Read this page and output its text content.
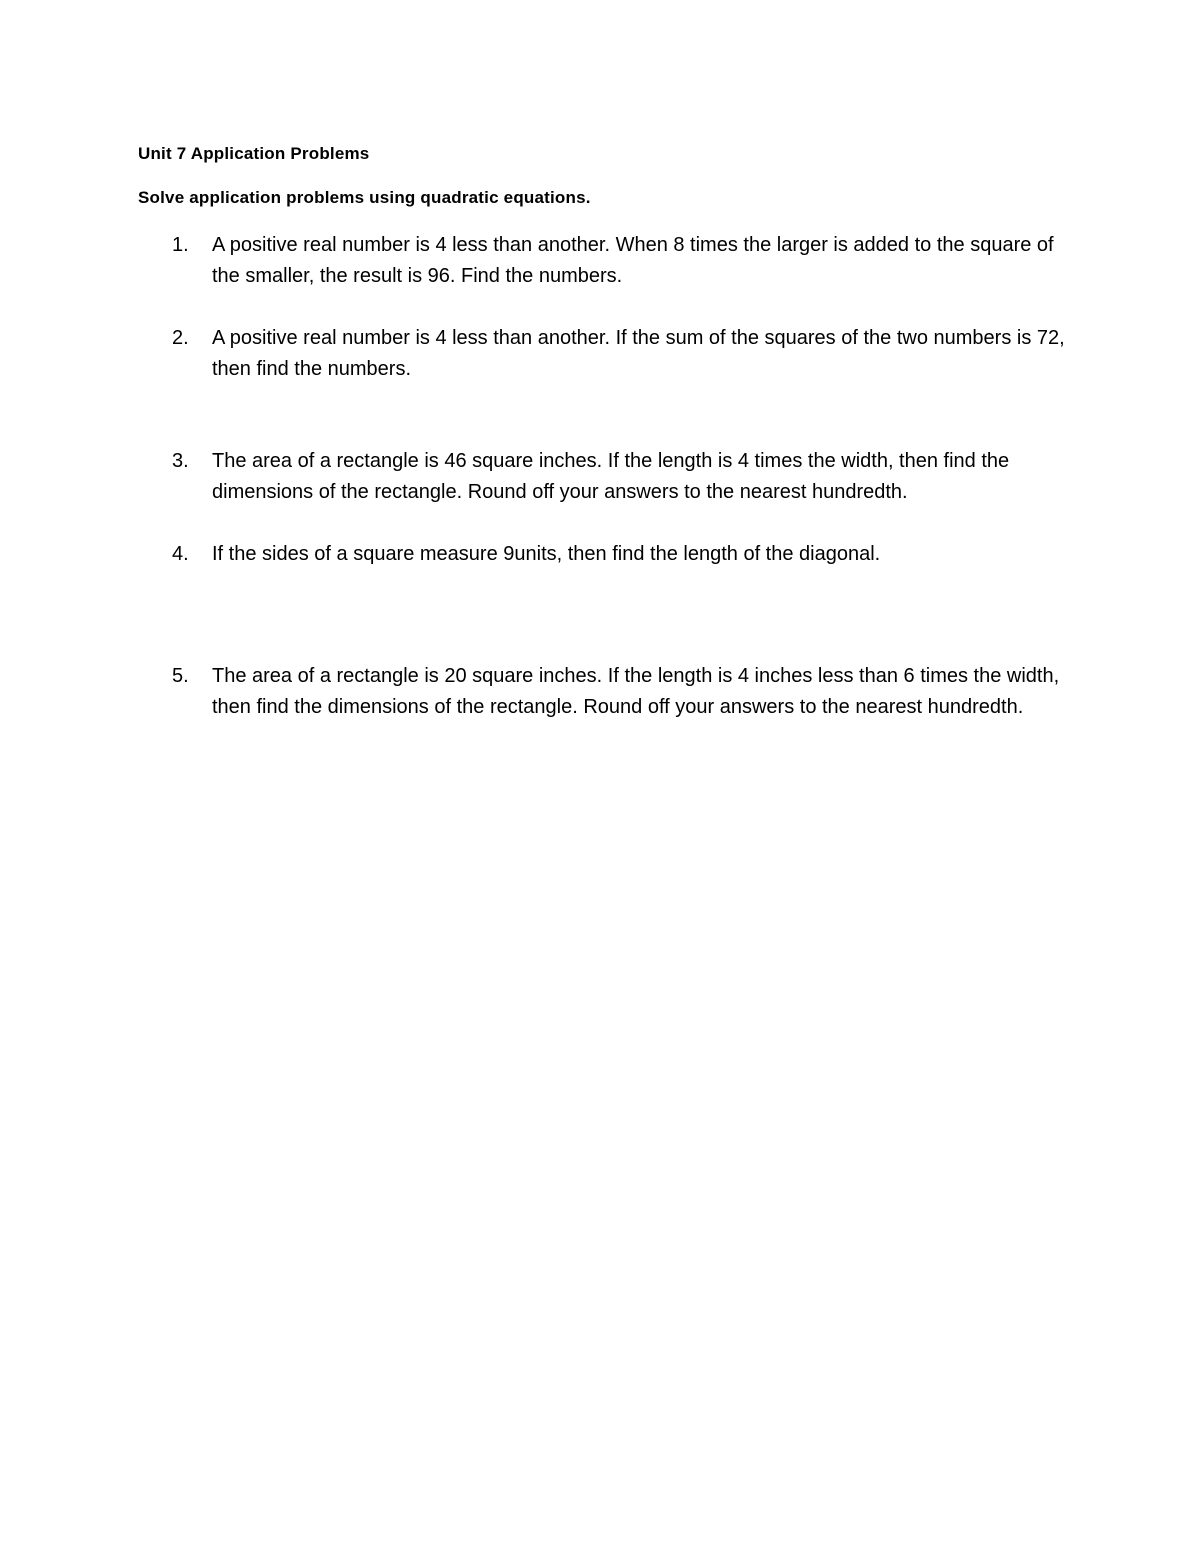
Unit 7 Application Problems
Solve application problems using quadratic equations.
1.	A positive real number is 4 less than another. When 8 times the larger is added to the square of the smaller, the result is 96. Find the numbers.
2.	A positive real number is 4 less than another. If the sum of the squares of the two numbers is 72, then find the numbers.
3.	The area of a rectangle is 46 square inches. If the length is 4 times the width, then find the dimensions of the rectangle. Round off your answers to the nearest hundredth.
4.	If the sides of a square measure 9units, then find the length of the diagonal.
5.	The area of a rectangle is 20 square inches. If the length is 4 inches less than 6 times the width, then find the dimensions of the rectangle. Round off your answers to the nearest hundredth.
